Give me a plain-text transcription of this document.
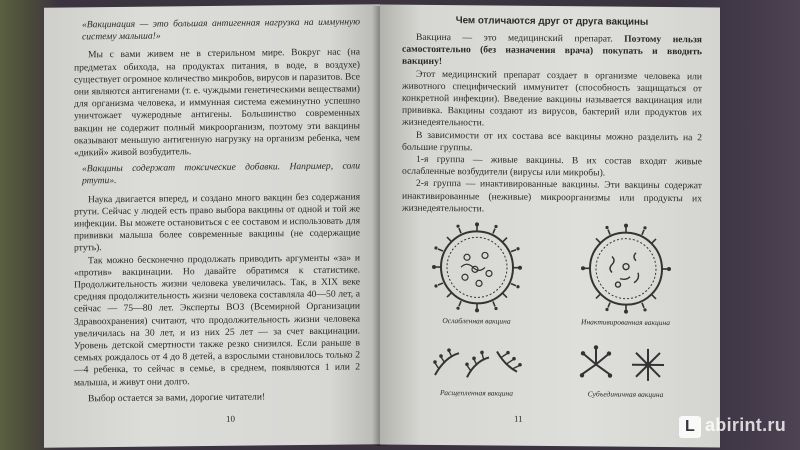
«Вакцинация — это большая антигенная нагрузка на иммунную систему малыша!»

Мы с вами живем не в стерильном мире. Вокруг нас (на предметах обихода, на продуктах питания, в воде, в воздухе) существует огромное количество микробов, вирусов и паразитов. Все они являются антигенами (т. е. чуждыми генетическими веществами) для организма человека, и иммунная система ежеминутно успешно уничтожает чужеродные антигены. Большинство современных вакцин не содержит полный микроорганизм, поэтому эти вакцины оказывают меньшую антигенную нагрузку на организм ребенка, чем «дикий» живой возбудитель.

«Вакцины содержат токсические добавки. Например, соли ртути».

Наука двигается вперед, и создано много вакцин без содержания ртути. Сейчас у людей есть право выбора вакцины от одной и той же инфекции. Вы можете остановиться с ее составом и использовать для прививки малыша более современные вакцины (не содержащие ртуть).

Так можно бесконечно продолжать приводить аргументы «за» и «против» вакцинации. Но давайте обратимся к статистике. Продолжительность жизни человека увеличилась. Так, в XIX веке средняя продолжительность жизни человека составляла 40—50 лет, а сейчас — 75—80 лет. Эксперты ВОЗ (Всемирной Организации Здравоохранения) считают, что продолжительность жизни человека увеличилась на 30 лет, и из них 25 лет — за счет вакцинации. Уровень детской смертности также резко снизился. Если раньше в семьях рождалось от 4 до 8 детей, а взрослыми становилось только 2—4 ребенка, то сейчас в семье, в среднем, появляются 1 или 2 малыша, и живут они долго.

Выбор остается за вами, дорогие читатели!

10
Чем отличаются друг от друга вакцины

Вакцина — это медицинский препарат. Поэтому нельзя самостоятельно (без назначения врача) покупать и вводить вакцину!

Этот медицинский препарат создает в организме человека или животного специфический иммунитет (способность защищаться от конкретной инфекции). Введение вакцины называется вакцинация или прививка. Вакцины создают из вирусов, бактерий или продуктов их жизнедеятельности.

В зависимости от их состава все вакцины можно разделить на 2 большие группы.

1-я группа — живые вакцины. В их состав входят живые ослабленные возбудители (вирусы или микробы).

2-я группа — инактивированные вакцины. Эти вакцины содержат инактивированные (неживые) микроорганизмы или продукты их жизнедеятельности.

Ослабленная вакцина	Инактивированная вакцина
Расщепленная вакцина	Субъединичная вакцина
11	L abirint.ru
